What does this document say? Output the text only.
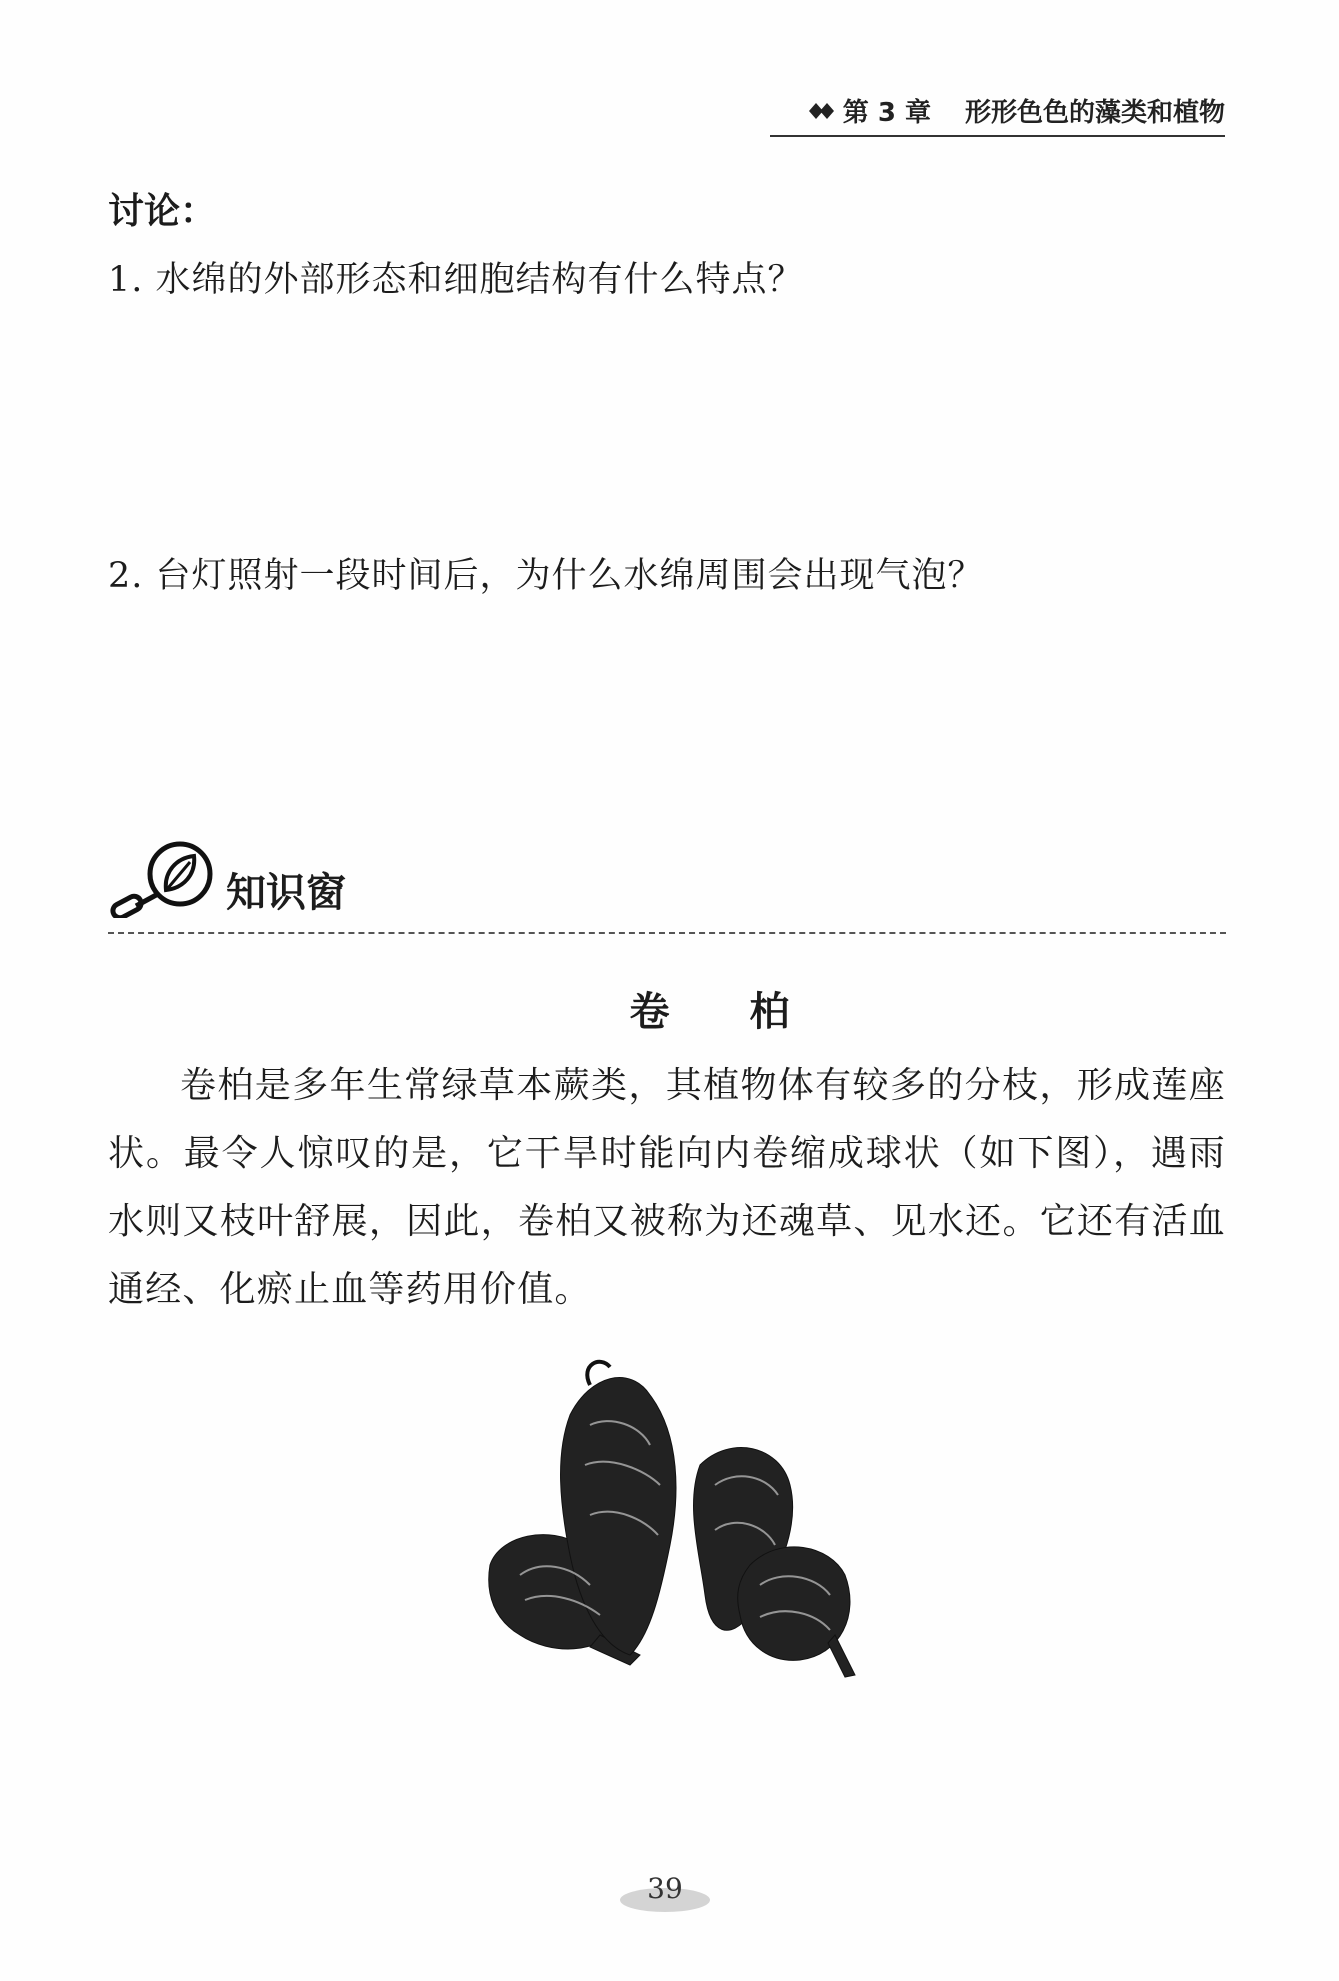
第 3 章 形形色色的藻类和植物
讨论：
1. 水绵的外部形态和细胞结构有什么特点？
2. 台灯照射一段时间后，为什么水绵周围会出现气泡？
知识窗
卷柏
卷柏是多年生常绿草本蕨类，其植物体有较多的分枝，形成莲座状。最令人惊叹的是，它干旱时能向内卷缩成球状（如下图），遇雨水则又枝叶舒展，因此，卷柏又被称为还魂草、见水还。它还有活血通经、化瘀止血等药用价值。
39
